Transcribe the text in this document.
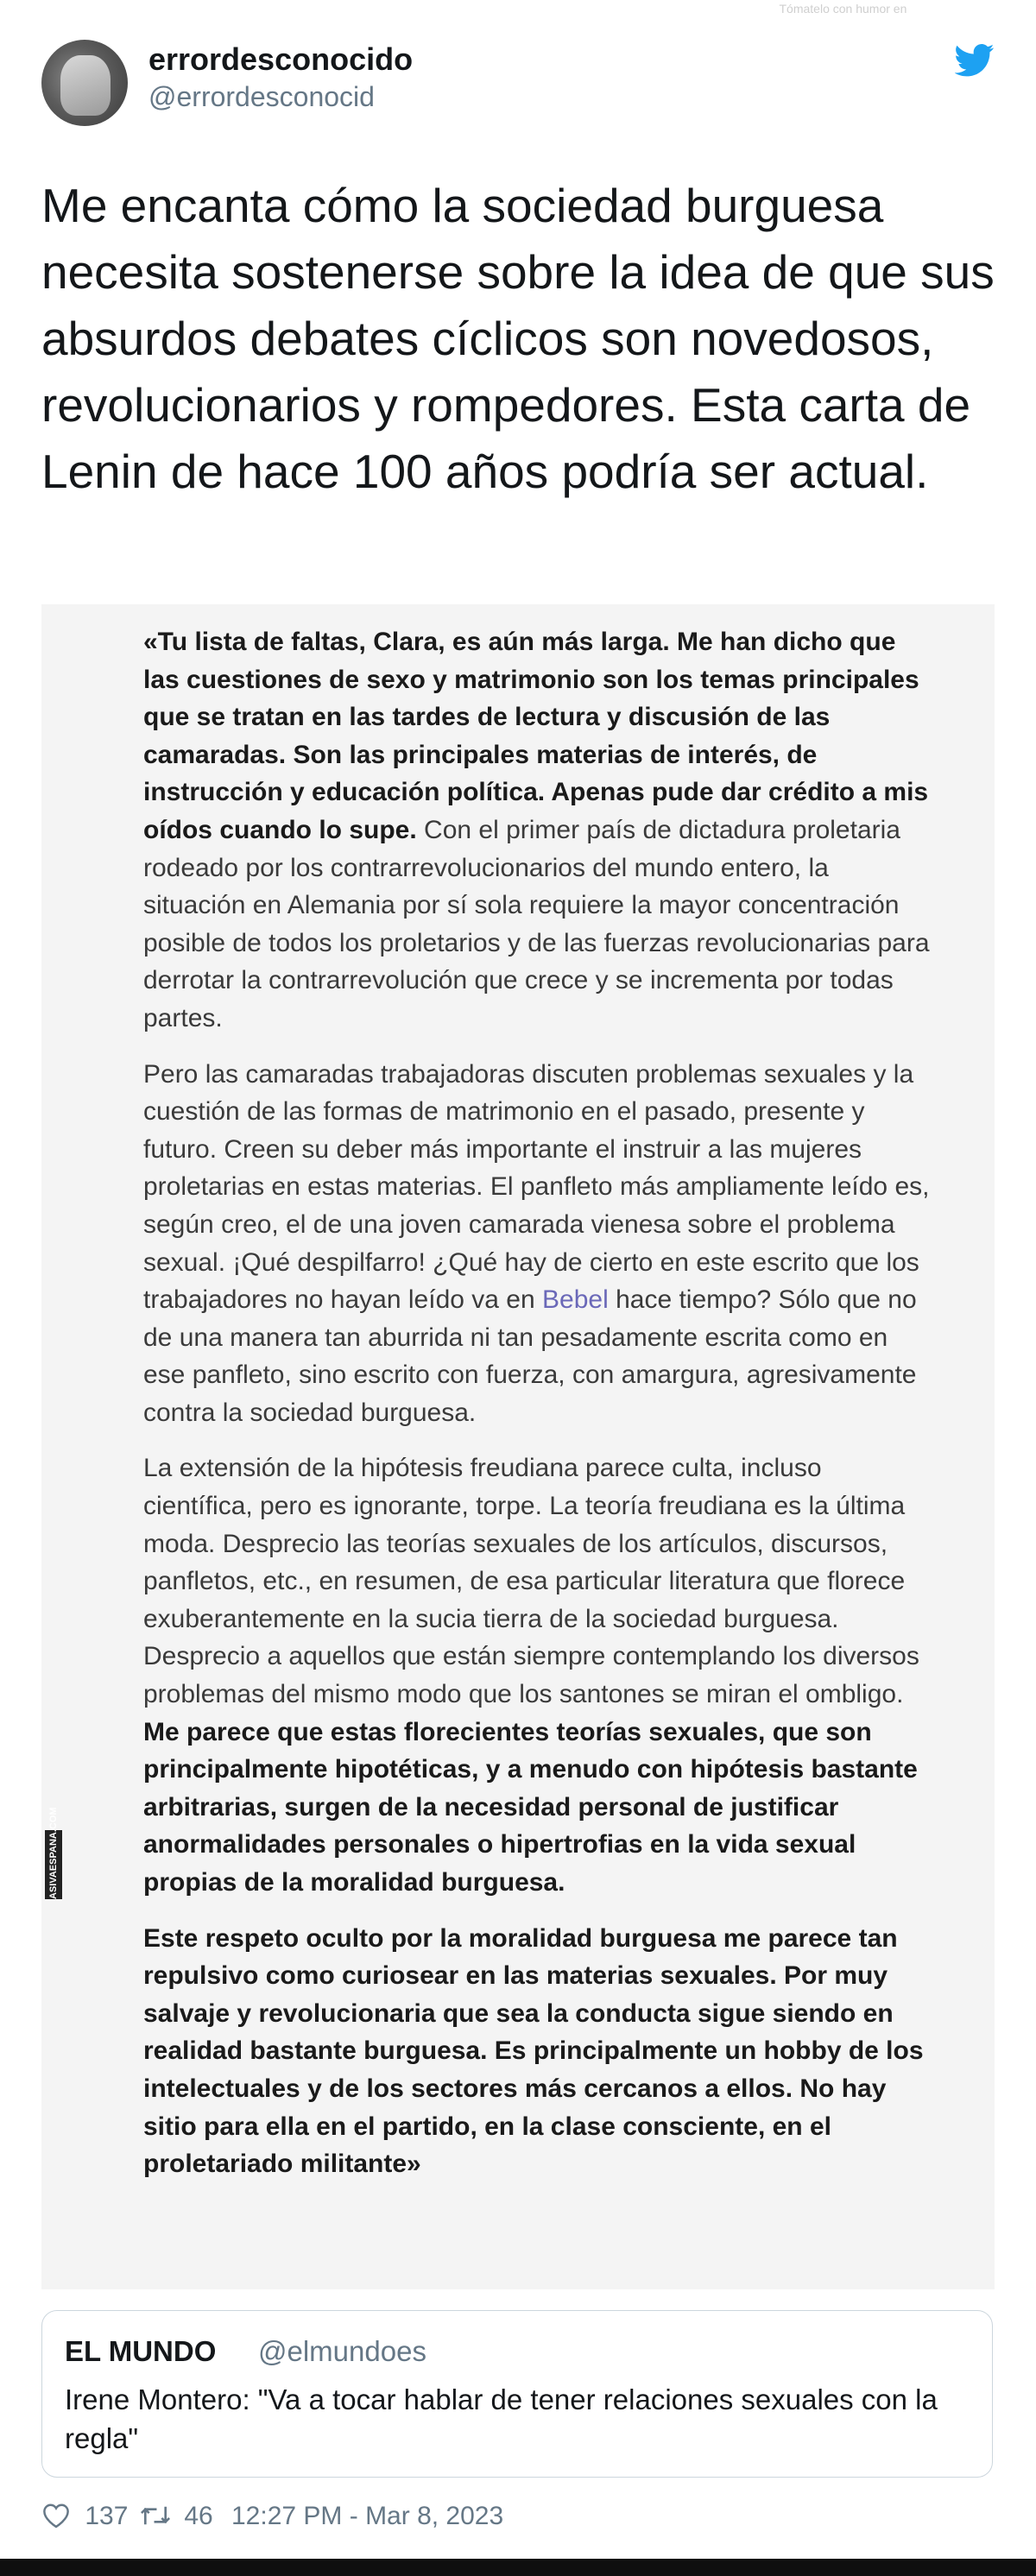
errordesconocido
@errordesconocid

Me encanta cómo la sociedad burguesa necesita sostenerse sobre la idea de que sus absurdos debates cíclicos son novedosos, revolucionarios y rompedores. Esta carta de Lenin de hace 100 años podría ser actual.

ASIVAESPANA.COM

«Tu lista de faltas, Clara, es aún más larga. Me han dicho que las cuestiones de sexo y matrimonio son los temas principales que se tratan en las tardes de lectura y discusión de las camaradas. Son las principales materias de interés, de instrucción y educación política. Apenas pude dar crédito a mis oídos cuando lo supe. Con el primer país de dictadura proletaria rodeado por los contrarrevolucionarios del mundo entero, la situación en Alemania por sí sola requiere la mayor concentración posible de todos los proletarios y de las fuerzas revolucionarias para derrotar la contrarrevolución que crece y se incrementa por todas partes.

Pero las camaradas trabajadoras discuten problemas sexuales y la cuestión de las formas de matrimonio en el pasado, presente y futuro. Creen su deber más importante el instruir a las mujeres proletarias en estas materias. El panfleto más ampliamente leído es, según creo, el de una joven camarada vienesa sobre el problema sexual. ¡Qué despilfarro! ¿Qué hay de cierto en este escrito que los trabajadores no hayan leído va en Bebel hace tiempo? Sólo que no de una manera tan aburrida ni tan pesadamente escrita como en ese panfleto, sino escrito con fuerza, con amargura, agresivamente contra la sociedad burguesa.

La extensión de la hipótesis freudiana parece culta, incluso científica, pero es ignorante, torpe. La teoría freudiana es la última moda. Desprecio las teorías sexuales de los artículos, discursos, panfletos, etc., en resumen, de esa particular literatura que florece exuberantemente en la sucia tierra de la sociedad burguesa. Desprecio a aquellos que están siempre contemplando los diversos problemas del mismo modo que los santones se miran el ombligo. Me parece que estas florecientes teorías sexuales, que son principalmente hipotéticas, y a menudo con hipótesis bastante arbitrarias, surgen de la necesidad personal de justificar anormalidades personales o hipertrofias en la vida sexual propias de la moralidad burguesa.

Este respeto oculto por la moralidad burguesa me parece tan repulsivo como curiosear en las materias sexuales. Por muy salvaje y revolucionaria que sea la conducta sigue siendo en realidad bastante burguesa. Es principalmente un hobby de los intelectuales y de los sectores más cercanos a ellos. No hay sitio para ella en el partido, en la clase consciente, en el proletariado militante»

EL MUNDO @elmundoes
Irene Montero: "Va a tocar hablar de tener relaciones sexuales con la regla"
137	46 12:27 PM - Mar 8, 2023
Tómatelo con humor en ASIVAESPANA.COM
